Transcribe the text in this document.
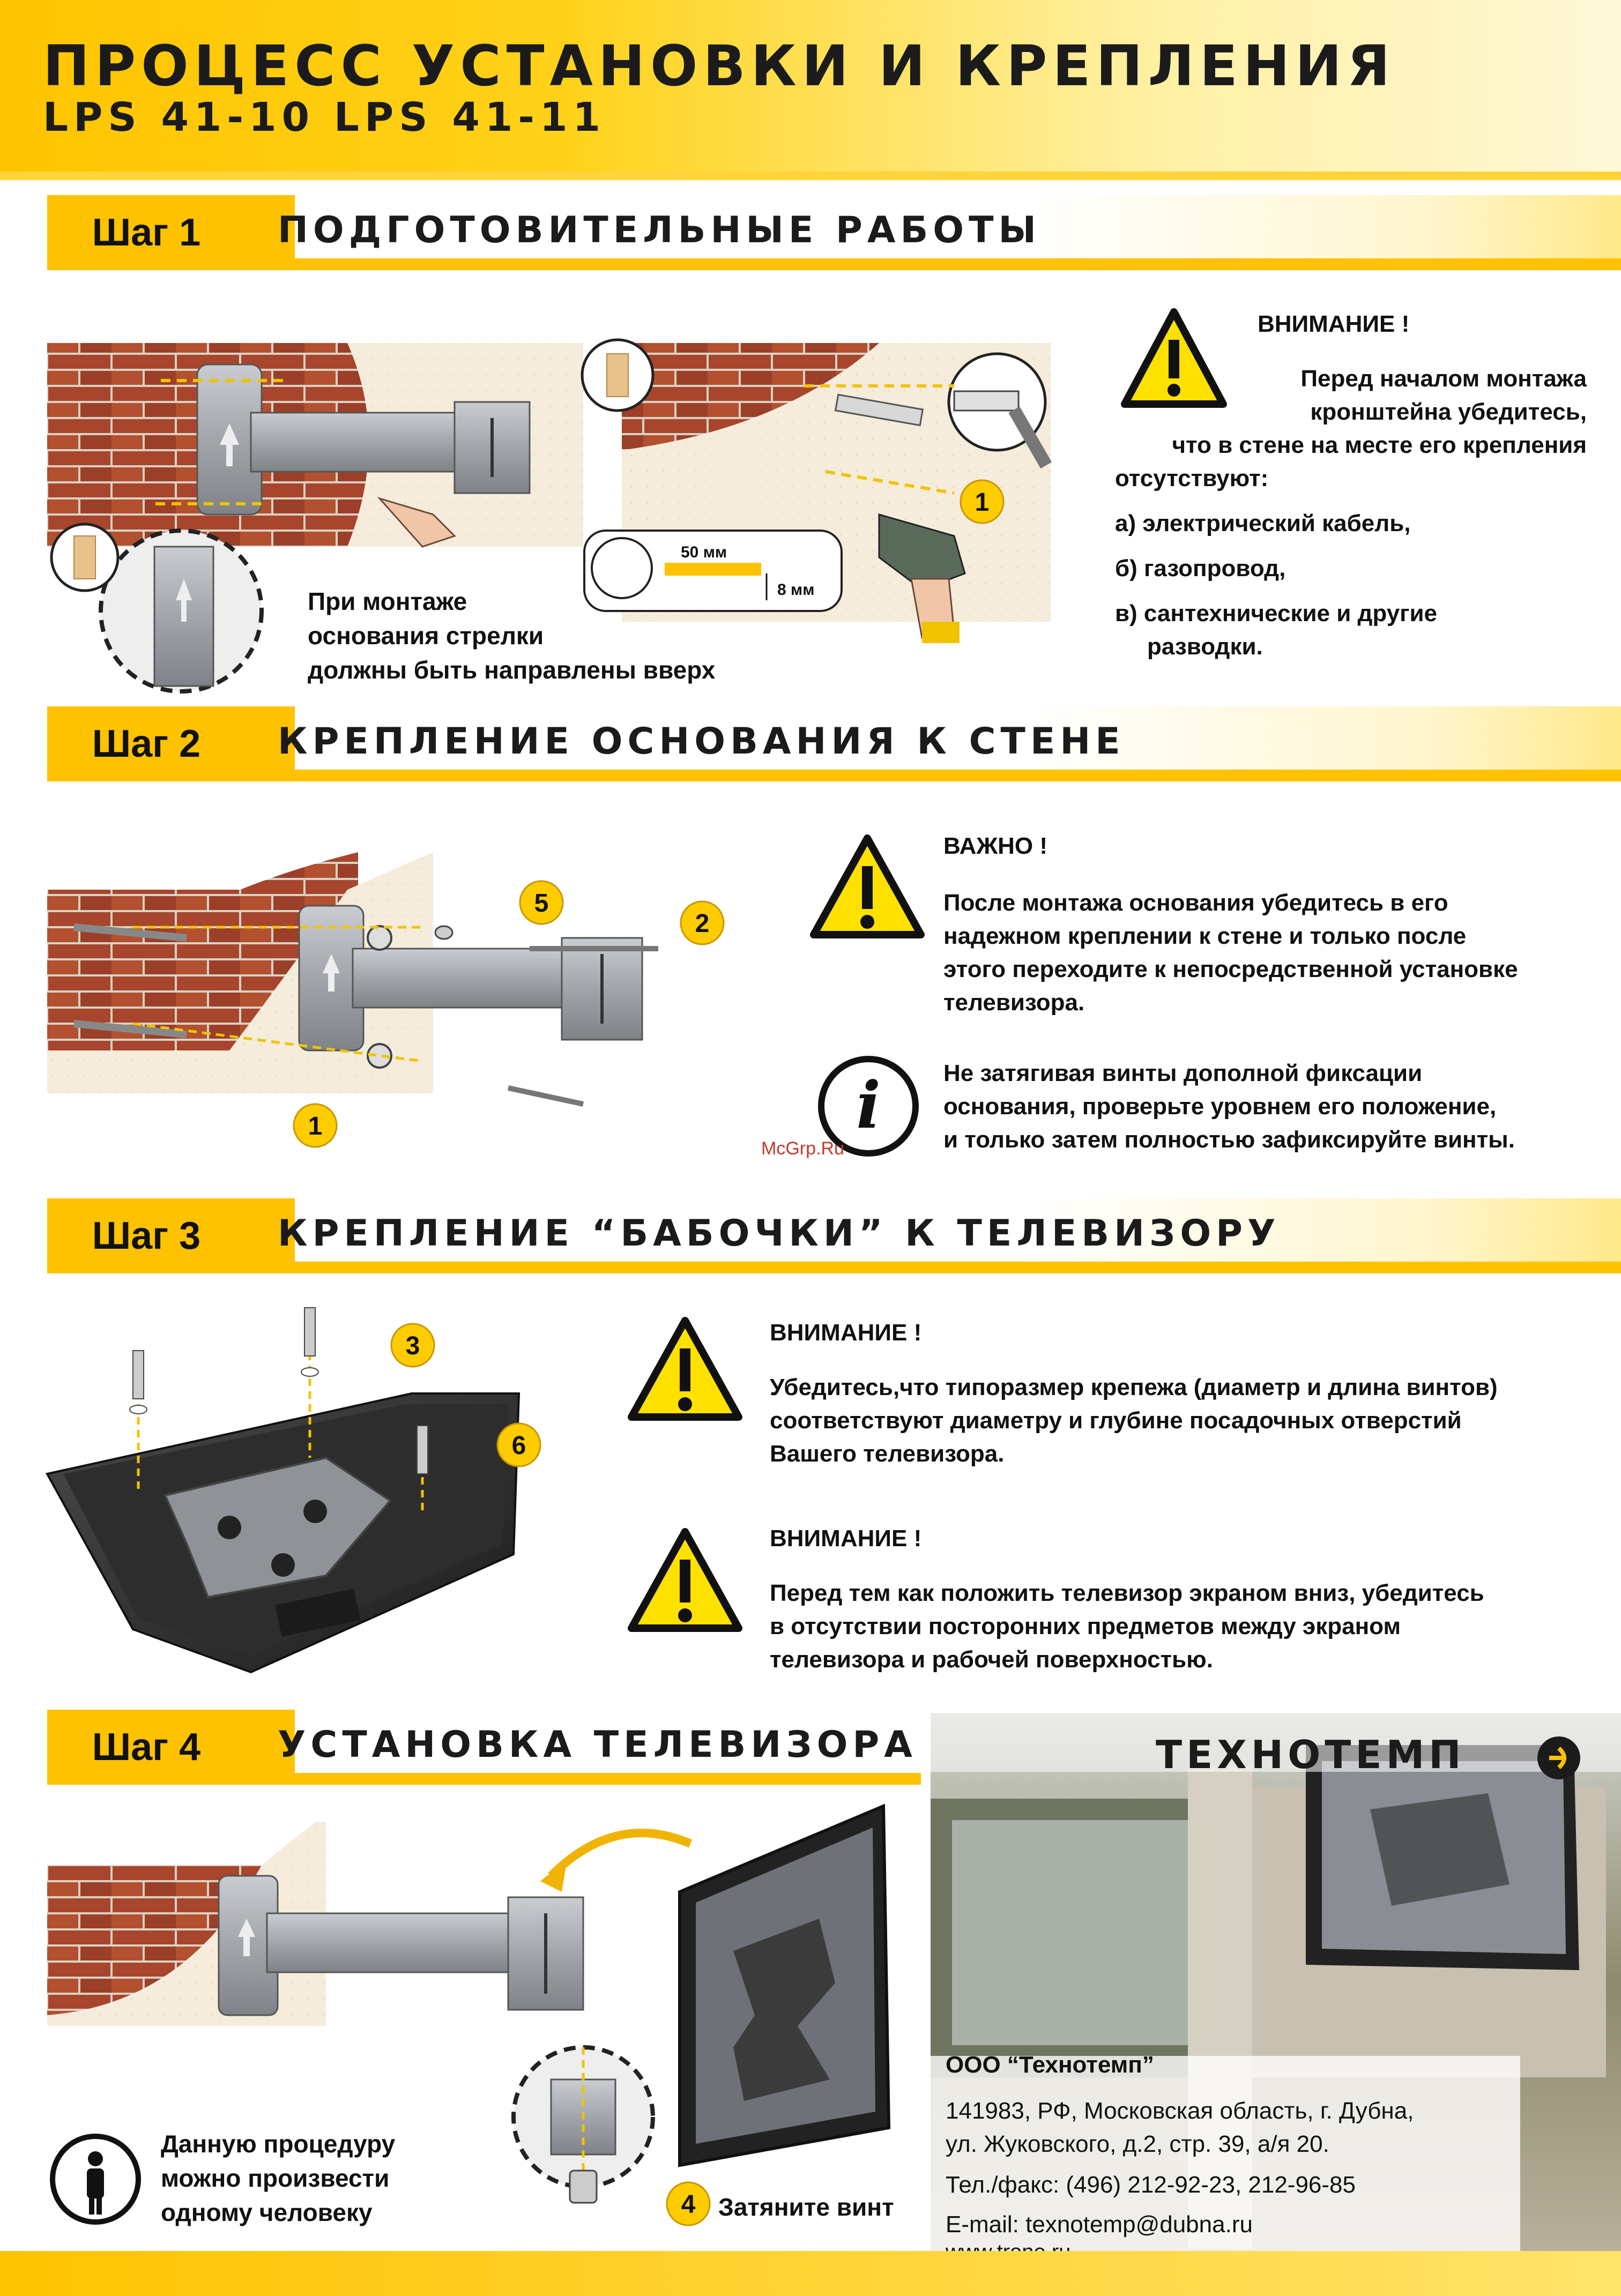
ПРОЦЕСС УСТАНОВКИ И КРЕПЛЕНИЯ
LPS 41-10 LPS 41-11
Шаг 1	ПОДГОТОВИТЕЛЬНЫЕ РАБОТЫ
При монтаже
основания стрелки
должны быть направлены вверх
1
50 мм
8 мм
ВНИМАНИЕ !
Перед началом монтажа
кронштейна убедитесь,
что в стене на месте его крепления
отсутствуют:
а) электрический кабель,
б) газопровод,
в) сантехнические и другие
разводки.
Шаг 2	КРЕПЛЕНИЕ ОСНОВАНИЯ К СТЕНЕ
5
2
1
ВАЖНО !
После монтажа основания убедитесь в его
надежном креплении к стене и только после
этого переходите к непосредственной установке
телевизора.
i	Не затягивая винты дополной фиксации
основания, проверьте уровнем его положение,
и только затем полностью зафиксируйте винты.
McGrp.Ru
Шаг 3	КРЕПЛЕНИЕ “БАБОЧКИ” К ТЕЛЕВИЗОРУ
3
6
ВНИМАНИЕ !
Убедитесь,что типоразмер крепежа (диаметр и длина винтов)
соответствуют диаметру и глубине посадочных отверстий
Вашего телевизора.
ВНИМАНИЕ !
Перед тем как положить телевизор экраном вниз, убедитесь
в отсутствии посторонних предметов между экраном
телевизора и рабочей поверхностью.
Шаг 4	УСТАНОВКА ТЕЛЕВИЗОРА
4 Затяните винт
Данную процедуру
можно произвести
одному человеку
ТЕХНОТЕМП
ООО “Технотемп”
141983, РФ, Московская область, г. Дубна,
ул. Жуковского, д.2, стр. 39, а/я 20.
Тел./факс: (496) 212-92-23, 212-96-85
E-mail: texnotemp@dubna.ru
